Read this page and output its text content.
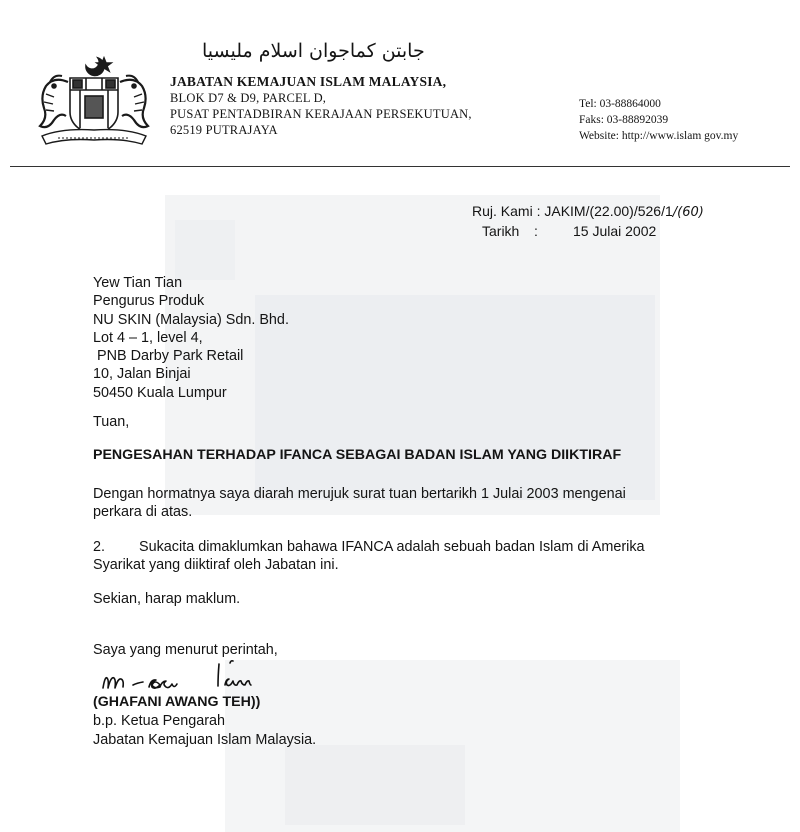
جابتن كماجوان اسلام مليسيا
JABATAN KEMAJUAN ISLAM MALAYSIA,
BLOK D7 & D9, PARCEL D,
PUSAT PENTADBIRAN KERAJAAN PERSEKUTUAN,
62519 PUTRAJAYA
Tel: 03-88864000
Faks: 03-88892039
Website: http://www.islam gov.my
Ruj. Kami : JAKIM/(22.00)/526/1/(60)
Tarikh :	15 Julai 2002
Yew Tian Tian
Pengurus Produk
NU SKIN (Malaysia) Sdn. Bhd.
Lot 4 – 1, level 4,
PNB Darby Park Retail
10, Jalan Binjai
50450 Kuala Lumpur
Tuan,
PENGESAHAN TERHADAP IFANCA SEBAGAI BADAN ISLAM YANG DIIKTIRAF
Dengan hormatnya saya diarah merujuk surat tuan bertarikh 1 Julai 2003 mengenai
perkara di atas.
2. Sukacita dimaklumkan bahawa IFANCA adalah sebuah badan Islam di Amerika
Syarikat yang diiktiraf oleh Jabatan ini.
Sekian, harap maklum.
Saya yang menurut perintah,
(GHAFANI AWANG TEH))
b.p. Ketua Pengarah
Jabatan Kemajuan Islam Malaysia.
